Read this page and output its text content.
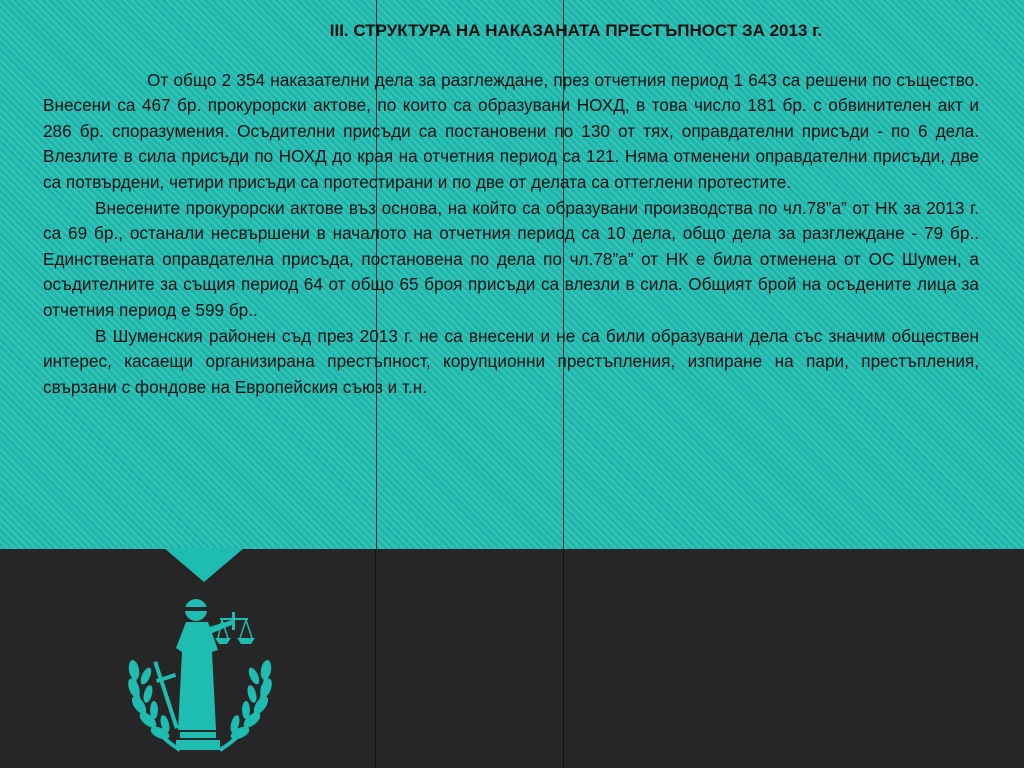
III. СТРУКТУРА НА НАКАЗАНАТА ПРЕСТЪПНОСТ ЗА 2013 г.

От общо 2 354 наказателни дела за разглеждане, през отчетния период 1 643 са решени по същество. Внесени са 467 бр. прокурорски актове, по които са образувани НОХД, в това число 181 бр. с обвинителен акт и 286 бр. споразумения. Осъдителни присъди са постановени по 130 от тях, оправдателни присъди - по 6 дела. Влезлите в сила присъди по НОХД до края на отчетния период са 121. Няма отменени оправдателни присъди, две са потвърдени, четири присъди са протестирани и по две от делата са оттеглени протестите.

Внесените прокурорски актове въз основа, на който са образувани производства по чл.78”а” от НК за 2013 г. са 69 бр., останали несвършени в началото на отчетния период са 10 дела, общо дела за разглеждане - 79 бр.. Единствената оправдателна присъда, постановена по дела по чл.78”а” от НК е била отменена от ОС Шумен, а осъдителните за същия период 64 от общо 65 броя присъди са влезли в сила. Общият брой на осъдените лица за отчетния период е 599 бр..

В Шуменския районен съд през 2013 г. не са внесени и не са били образувани дела със значим обществен интерес, касаещи организирана престъпност, корупционни престъпления, изпиране на пари, престъпления, свързани с фондове на Европейския съюз и т.н.
